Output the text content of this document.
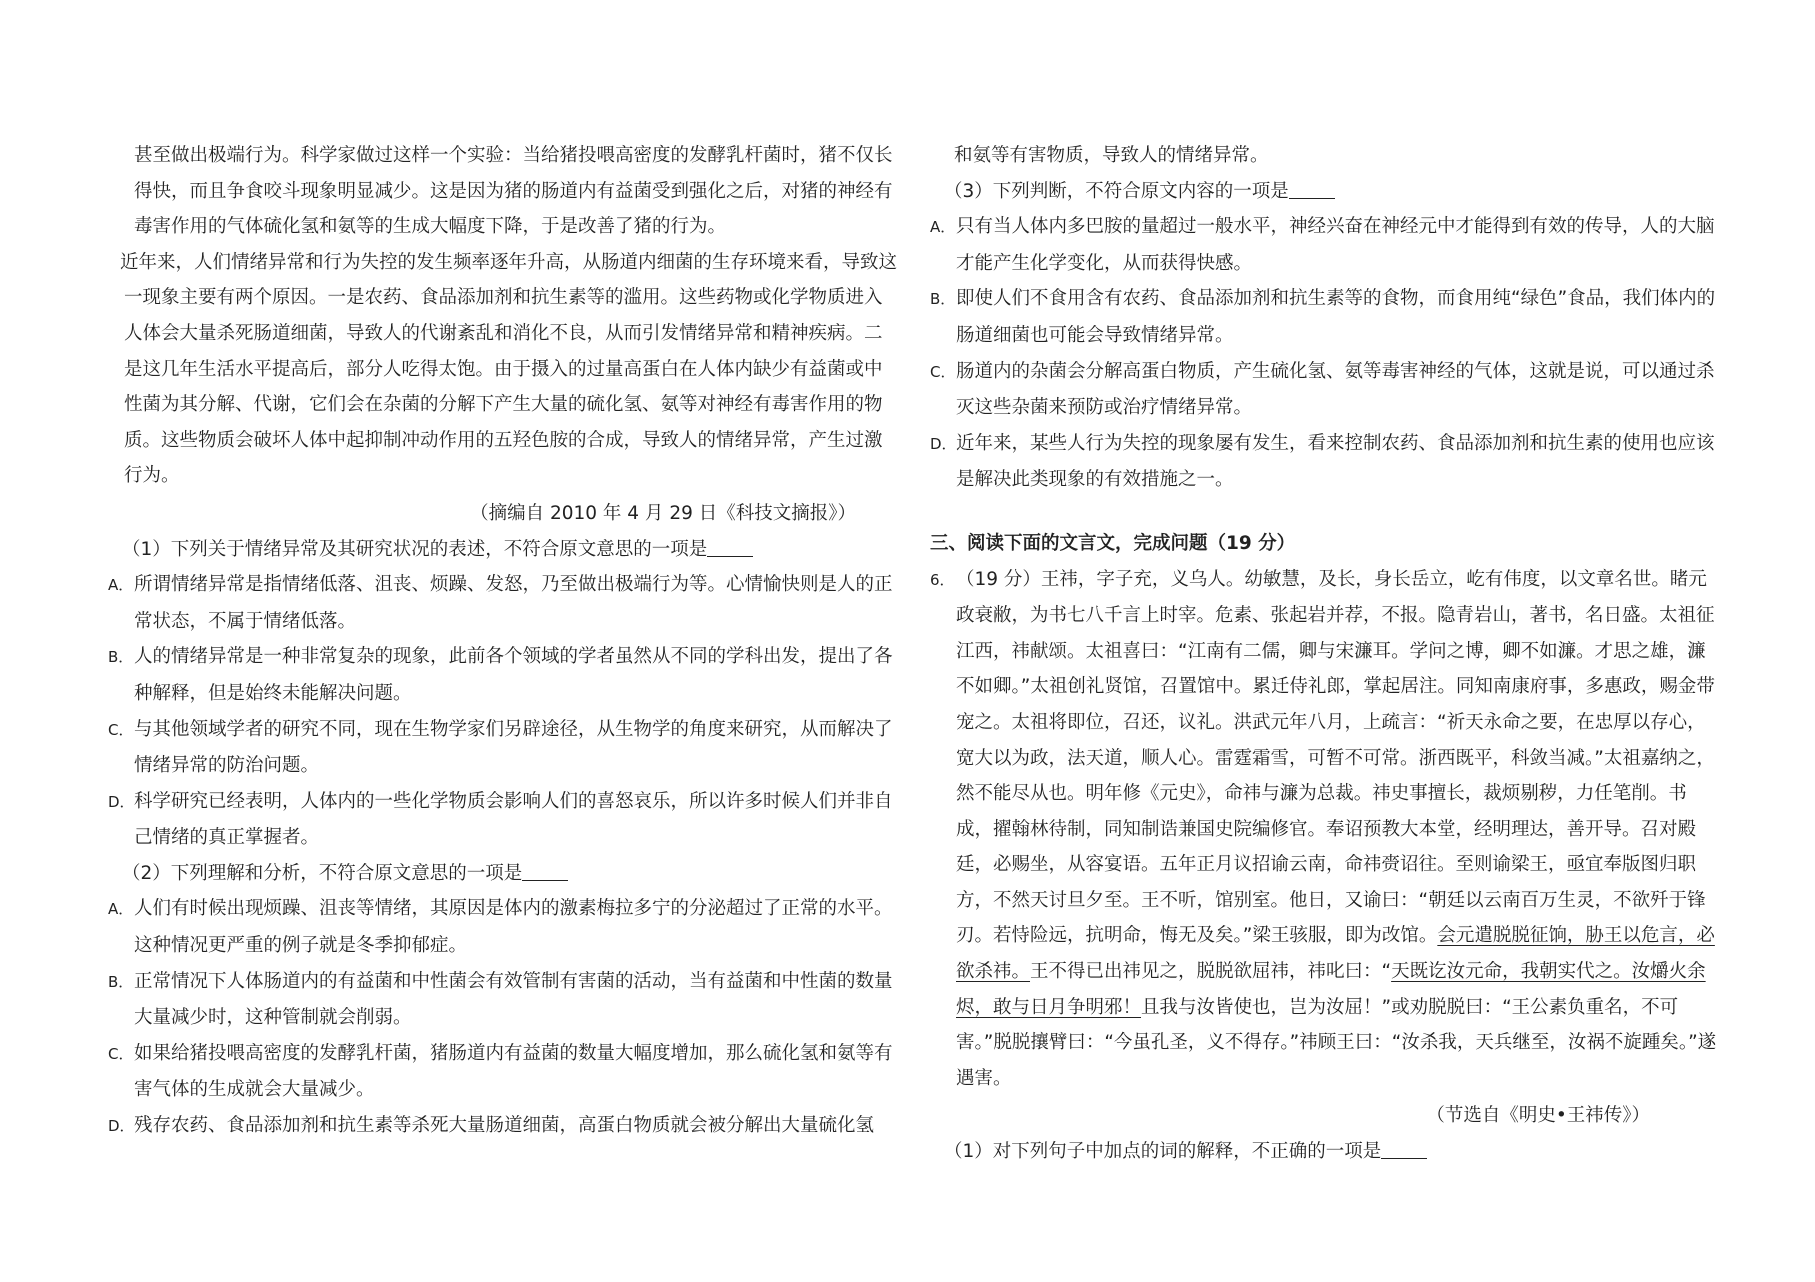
甚至做出极端行为。科学家做过这样一个实验：当给猪投喂高密度的发酵乳杆菌时，猪不仅长得快，而且争食咬斗现象明显减少。这是因为猪的肠道内有益菌受到强化之后，对猪的神经有毒害作用的气体硫化氢和氨等的生成大幅度下降，于是改善了猪的行为。

近年来，人们情绪异常和行为失控的发生频率逐年升高，从肠道内细菌的生存环境来看，导致这一现象主要有两个原因。一是农药、食品添加剂和抗生素等的滥用。这些药物或化学物质进入人体会大量杀死肠道细菌，导致人的代谢紊乱和消化不良，从而引发情绪异常和精神疾病。二是这几年生活水平提高后，部分人吃得太饱。由于摄入的过量高蛋白在人体内缺少有益菌或中性菌为其分解、代谢，它们会在杂菌的分解下产生大量的硫化氢、氨等对神经有毒害作用的物质。这些物质会破坏人体中起抑制冲动作用的五羟色胺的合成，导致人的情绪异常，产生过激行为。

（摘编自 2010 年 4 月 29 日《科技文摘报》）

（1）下列关于情绪异常及其研究状况的表述，不符合原文意思的一项是

A．所谓情绪异常是指情绪低落、沮丧、烦躁、发怒，乃至做出极端行为等。心情愉快则是人的正常状态，不属于情绪低落。

B．人的情绪异常是一种非常复杂的现象，此前各个领域的学者虽然从不同的学科出发，提出了各种解释，但是始终未能解决问题。

C．与其他领域学者的研究不同，现在生物学家们另辟途径，从生物学的角度来研究，从而解决了情绪异常的防治问题。

D．科学研究已经表明，人体内的一些化学物质会影响人们的喜怒哀乐，所以许多时候人们并非自己情绪的真正掌握者。

（2）下列理解和分析，不符合原文意思的一项是

A．人们有时候出现烦躁、沮丧等情绪，其原因是体内的激素梅拉多宁的分泌超过了正常的水平。这种情况更严重的例子就是冬季抑郁症。

B．正常情况下人体肠道内的有益菌和中性菌会有效管制有害菌的活动，当有益菌和中性菌的数量大量减少时，这种管制就会削弱。

C．如果给猪投喂高密度的发酵乳杆菌，猪肠道内有益菌的数量大幅度增加，那么硫化氢和氨等有害气体的生成就会大量减少。

D．残存农药、食品添加剂和抗生素等杀死大量肠道细菌，高蛋白物质就会被分解出大量硫化氢

和氨等有害物质，导致人的情绪异常。

（3）下列判断，不符合原文内容的一项是

A．只有当人体内多巴胺的量超过一般水平，神经兴奋在神经元中才能得到有效的传导，人的大脑才能产生化学变化，从而获得快感。

B．即使人们不食用含有农药、食品添加剂和抗生素等的食物，而食用纯“绿色”食品，我们体内的肠道细菌也可能会导致情绪异常。

C．肠道内的杂菌会分解高蛋白物质，产生硫化氢、氨等毒害神经的气体，这就是说，可以通过杀灭这些杂菌来预防或治疗情绪异常。

D．近年来，某些人行为失控的现象屡有发生，看来控制农药、食品添加剂和抗生素的使用也应该是解决此类现象的有效措施之一。

三、阅读下面的文言文，完成问题（19 分）

6．（19 分）王祎，字子充，义乌人。幼敏慧，及长，身长岳立，屹有伟度，以文章名世。睹元政衰敝，为书七八千言上时宰。危素、张起岩并荐，不报。隐青岩山，著书，名日盛。太祖征江西，祎献颂。太祖喜曰：“江南有二儒，卿与宋濂耳。学问之博，卿不如濂。才思之雄，濂不如卿。”太祖创礼贤馆，召置馆中。累迁侍礼郎，掌起居注。同知南康府事，多惠政，赐金带宠之。太祖将即位，召还，议礼。洪武元年八月，上疏言：“祈天永命之要，在忠厚以存心，宽大以为政，法天道，顺人心。雷霆霜雪，可暂不可常。浙西既平，科敛当减。”太祖嘉纳之，然不能尽从也。明年修《元史》，命祎与濂为总裁。祎史事擅长，裁烦剔秽，力任笔削。书成，擢翰林待制，同知制诰兼国史院编修官。奉诏预教大本堂，经明理达，善开导。召对殿廷，必赐坐，从容宴语。五年正月议招谕云南，命祎赍诏往。至则谕梁王，亟宜奉版图归职方，不然天讨旦夕至。王不听，馆别室。他日，又谕曰：“朝廷以云南百万生灵，不欲歼于锋刃。若恃险远，抗明命，悔无及矣。”梁王骇服，即为改馆。会元遣脱脱征饷，胁王以危言，必欲杀祎。王不得已出祎见之，脱脱欲屈祎，祎叱曰：“天既讫汝元命，我朝实代之。汝爝火余烬，敢与日月争明邪！且我与汝皆使也，岂为汝屈！”或劝脱脱曰：“王公素负重名，不可害。”脱脱攘臂曰：“今虽孔圣，义不得存。”祎顾王曰：“汝杀我，天兵继至，汝祸不旋踵矣。”遂遇害。

（节选自《明史•王祎传》）

（1）对下列句子中加点的词的解释，不正确的一项是
